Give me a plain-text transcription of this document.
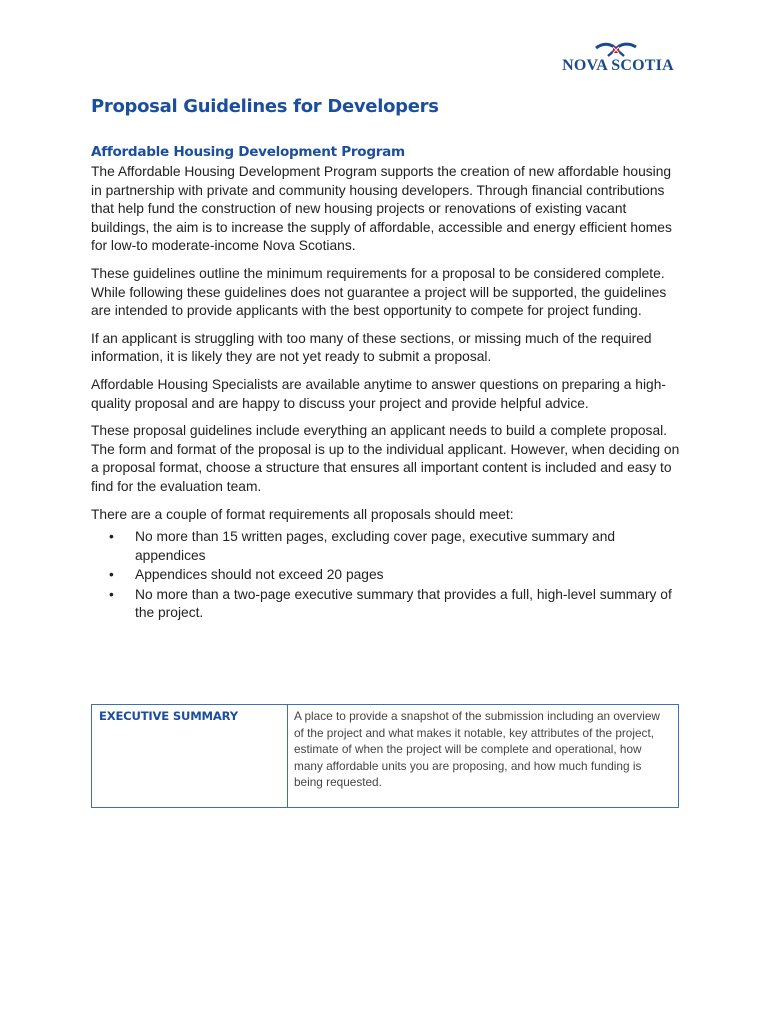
NOVA SCOTIA
Proposal Guidelines for Developers
Affordable Housing Development Program

The Affordable Housing Development Program supports the creation of new affordable housing in partnership with private and community housing developers. Through financial contributions that help fund the construction of new housing projects or renovations of existing vacant buildings, the aim is to increase the supply of affordable, accessible and energy efficient homes for low-to moderate-income Nova Scotians.

These guidelines outline the minimum requirements for a proposal to be considered complete. While following these guidelines does not guarantee a project will be supported, the guidelines are intended to provide applicants with the best opportunity to compete for project funding.

If an applicant is struggling with too many of these sections, or missing much of the required information, it is likely they are not yet ready to submit a proposal.

Affordable Housing Specialists are available anytime to answer questions on preparing a high-quality proposal and are happy to discuss your project and provide helpful advice.

These proposal guidelines include everything an applicant needs to build a complete proposal. The form and format of the proposal is up to the individual applicant. However, when deciding on a proposal format, choose a structure that ensures all important content is included and easy to find for the evaluation team.

There are a couple of format requirements all proposals should meet:

• No more than 15 written pages, excluding cover page, executive summary and appendices
• Appendices should not exceed 20 pages
• No more than a two-page executive summary that provides a full, high-level summary of the project.
EXECUTIVE SUMMARY	A place to provide a snapshot of the submission including an overview of the project and what makes it notable, key attributes of the project, estimate of when the project will be complete and operational, how many affordable units you are proposing, and how much funding is being requested.
